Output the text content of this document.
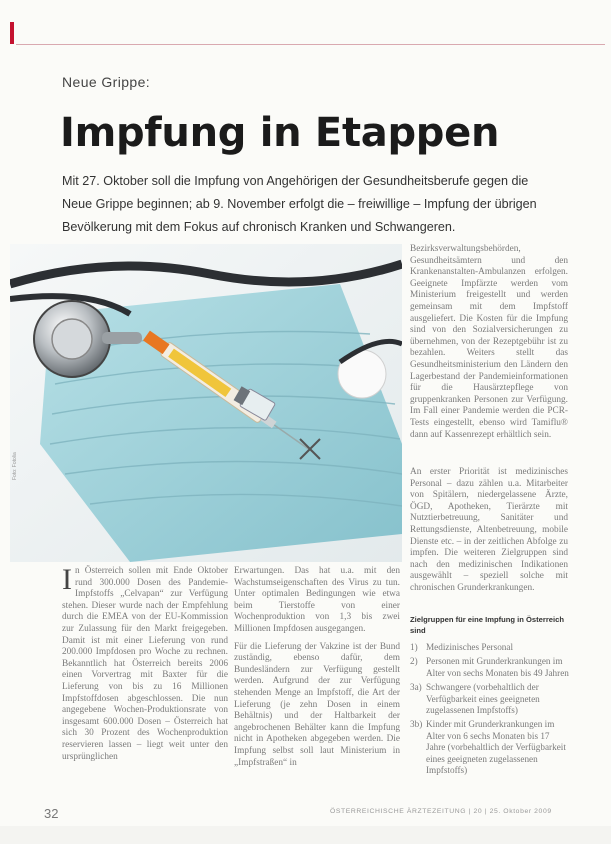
Neue Grippe:
Impfung in Etappen
Mit 27. Oktober soll die Impfung von Angehörigen der Gesundheitsberufe gegen die Neue Grippe beginnen; ab 9. November erfolgt die – freiwillige – Impfung der übrigen Bevölkerung mit dem Fokus auf chronisch Kranken und Schwangeren.
Foto: Fotolia

In Österreich sollen mit Ende Oktober rund 300.000 Dosen des Pandemie-Impfstoffs „Celvapan“ zur Verfügung stehen. Dieser wurde nach der Empfehlung durch die EMEA von der EU-Kommission zur Zulassung für den Markt freigegeben. Damit ist mit einer Lieferung von rund 200.000 Impfdosen pro Woche zu rechnen. Bekanntlich hat Österreich bereits 2006 einen Vorvertrag mit Baxter für die Lieferung von bis zu 16 Millionen Impfstoffdosen abgeschlossen. Die nun angegebene Wochen-Produktionsrate von insgesamt 600.000 Dosen – Österreich hat sich 30 Prozent des Wochenproduktion reservieren lassen – liegt weit unter den ursprünglichen

Erwartungen. Das hat u.a. mit den Wachstumseigenschaften des Virus zu tun. Unter optimalen Bedingungen wie etwa beim Tierstoffe von einer Wochenproduktion von 1,3 bis zwei Millionen Impfdosen ausgegangen.

Für die Lieferung der Vakzine ist der Bund zuständig, ebenso dafür, dem Bundesländern zur Verfügung gestellt werden. Aufgrund der zur Verfügung stehenden Menge an Impfstoff, die Art der Lieferung (je zehn Dosen in einem Behältnis) und der Haltbarkeit der angebrochenen Behälter kann die Impfung nicht in Apotheken abgegeben werden. Die Impfung selbst soll laut Ministerium in „Impfstraßen“ in

Bezirksverwaltungsbehörden, Gesundheitsämtern und den Krankenanstalten-Ambulanzen erfolgen. Geeignete Impfärzte werden vom Ministerium freigestellt und werden gemeinsam mit dem Impfstoff ausgeliefert. Die Kosten für die Impfung sind von den Sozialversicherungen zu übernehmen, von der Rezeptgebühr ist zu bezahlen. Weiters stellt das Gesundheitsministerium den Ländern den Lagerbestand der Pandemieinformationen für die Hausärztepflege von gruppenkranken Personen zur Verfügung. Im Fall einer Pandemie werden die PCR-Tests eingestellt, ebenso wird Tamiflu® dann auf Kassenrezept erhältlich sein.

An erster Priorität ist medizinisches Personal – dazu zählen u.a. Mitarbeiter von Spitälern, niedergelassene Ärzte, ÖGD, Apotheken, Tierärzte mit Nutztierbetreuung, Sanitäter und Rettungsdienste, Altenbetreuung, mobile Dienste etc. – in der zeitlichen Abfolge zu impfen. Die weiteren Zielgruppen sind nach den medizinischen Indikationen ausgewählt – speziell solche mit chronischen Grunderkrankungen.

Zielgruppen für eine Impfung in Österreich sind
1) Medizinisches Personal
2) Personen mit Grunderkrankungen im Alter von sechs Monaten bis 49 Jahren
3a) Schwangere (vorbehaltlich der Verfügbarkeit eines geeigneten zugelassenen Impfstoffs)
3b) Kinder mit Grunderkrankungen im Alter von 6 sechs Monaten bis 17 Jahre (vorbehaltlich der Verfügbarkeit eines geeigneten zugelassenen Impfstoffs)
32	ÖSTERREICHISCHE ÄRZTEZEITUNG | 20 | 25. Oktober 2009
